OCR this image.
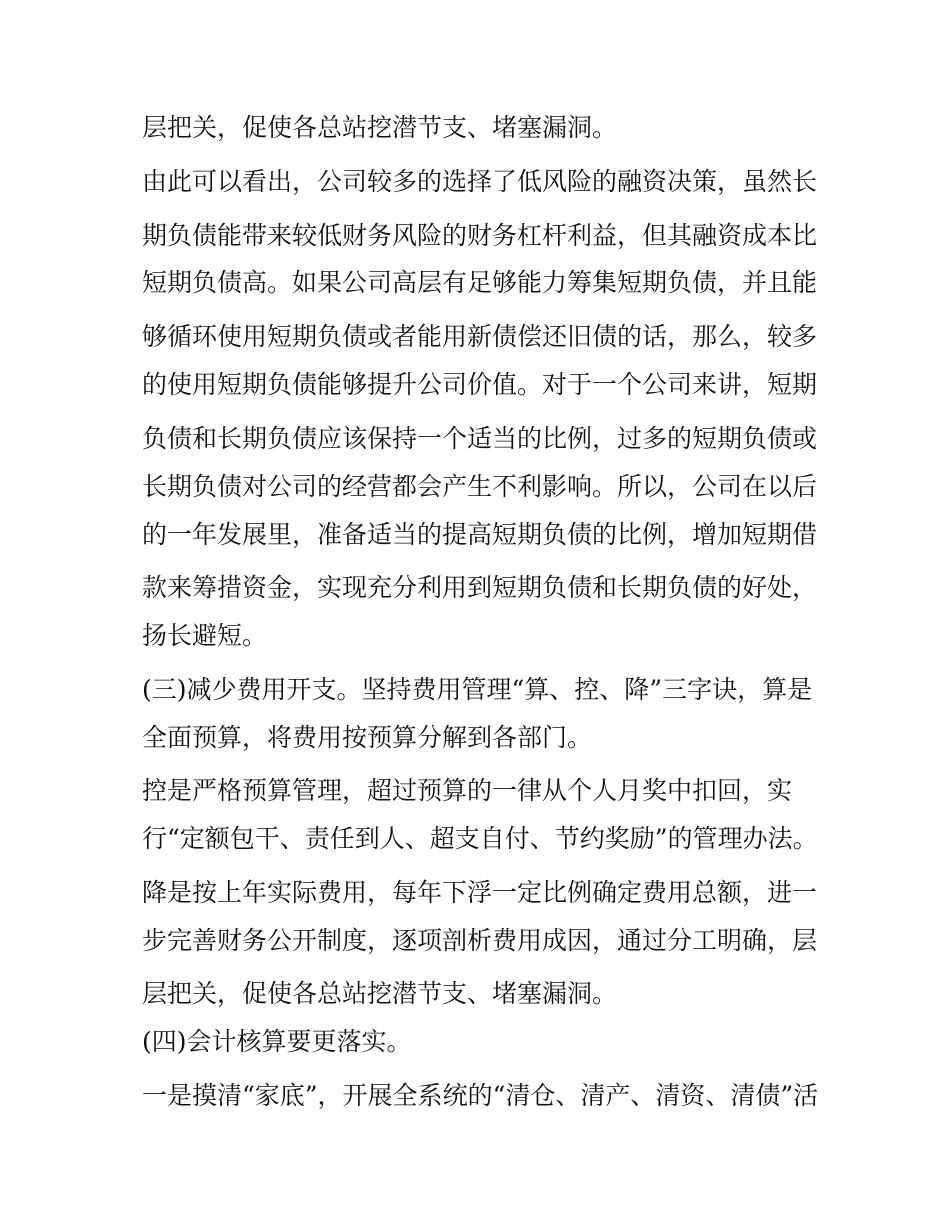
层把关，促使各总站挖潜节支、堵塞漏洞。
由此可以看出，公司较多的选择了低风险的融资决策，虽然长
期负债能带来较低财务风险的财务杠杆利益，但其融资成本比
短期负债高。如果公司高层有足够能力筹集短期负债，并且能
够循环使用短期负债或者能用新债偿还旧债的话，那么，较多
的使用短期负债能够提升公司价值。对于一个公司来讲，短期
负债和长期负债应该保持一个适当的比例，过多的短期负债或
长期负债对公司的经营都会产生不利影响。所以，公司在以后
的一年发展里，准备适当的提高短期负债的比例，增加短期借
款来筹措资金，实现充分利用到短期负债和长期负债的好处，
扬长避短。
(三)减少费用开支。坚持费用管理“算、控、降”三字诀，算是
全面预算，将费用按预算分解到各部门。
控是严格预算管理，超过预算的一律从个人月奖中扣回，实
行“定额包干、责任到人、超支自付、节约奖励”的管理办法。
降是按上年实际费用，每年下浮一定比例确定费用总额，进一
步完善财务公开制度，逐项剖析费用成因，通过分工明确，层
层把关，促使各总站挖潜节支、堵塞漏洞。
(四)会计核算要更落实。
一是摸清“家底”，开展全系统的“清仓、清产、清资、清债”活
